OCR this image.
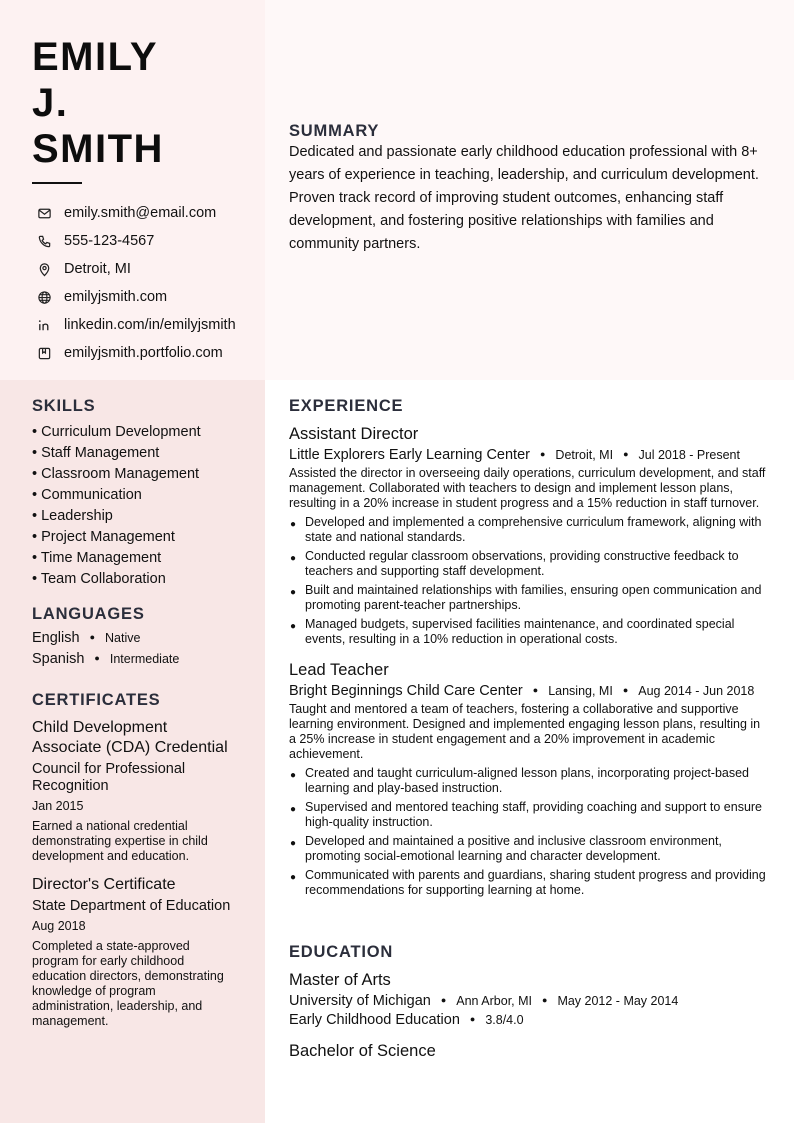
EMILY
J.
SMITH
emily.smith@email.com
555-123-4567
Detroit, MI
emilyjsmith.com
linkedin.com/in/emilyjsmith
emilyjsmith.portfolio.com
SUMMARY
Dedicated and passionate early childhood education professional with 8+ years of experience in teaching, leadership, and curriculum development. Proven track record of improving student outcomes, enhancing staff development, and fostering positive relationships with families and community partners.
SKILLS
• Curriculum Development
• Staff Management
• Classroom Management
• Communication
• Leadership
• Project Management
• Time Management
• Team Collaboration
LANGUAGES
English ● Native
Spanish ● Intermediate
CERTIFICATES
Child Development Associate (CDA) Credential
Council for Professional Recognition
Jan 2015
Earned a national credential demonstrating expertise in child development and education.
Director's Certificate
State Department of Education
Aug 2018
Completed a state-approved program for early childhood education directors, demonstrating knowledge of program administration, leadership, and management.
EXPERIENCE
Assistant Director
Little Explorers Early Learning Center ● Detroit, MI ● Jul 2018 - Present
Assisted the director in overseeing daily operations, curriculum development, and staff management. Collaborated with teachers to design and implement lesson plans, resulting in a 20% increase in student progress and a 15% reduction in staff turnover.
● Developed and implemented a comprehensive curriculum framework, aligning with state and national standards.
● Conducted regular classroom observations, providing constructive feedback to teachers and supporting staff development.
● Built and maintained relationships with families, ensuring open communication and promoting parent-teacher partnerships.
● Managed budgets, supervised facilities maintenance, and coordinated special events, resulting in a 10% reduction in operational costs.
Lead Teacher
Bright Beginnings Child Care Center ● Lansing, MI ● Aug 2014 - Jun 2018
Taught and mentored a team of teachers, fostering a collaborative and supportive learning environment. Designed and implemented engaging lesson plans, resulting in a 25% increase in student engagement and a 20% improvement in academic achievement.
● Created and taught curriculum-aligned lesson plans, incorporating project-based learning and play-based instruction.
● Supervised and mentored teaching staff, providing coaching and support to ensure high-quality instruction.
● Developed and maintained a positive and inclusive classroom environment, promoting social-emotional learning and character development.
● Communicated with parents and guardians, sharing student progress and providing recommendations for supporting learning at home.
EDUCATION
Master of Arts
University of Michigan ● Ann Arbor, MI ● May 2012 - May 2014
Early Childhood Education ● 3.8/4.0
Bachelor of Science
